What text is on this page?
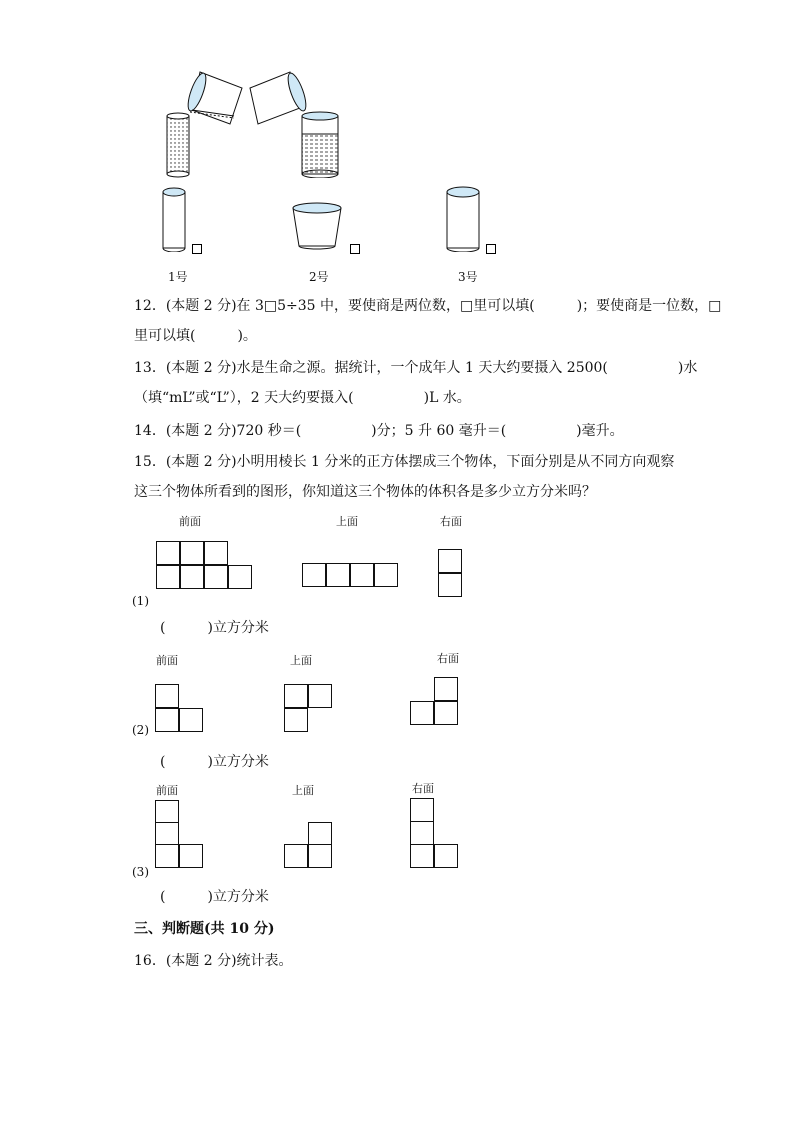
1号	2号	3号
12．(本题 2 分)在 3□5÷35 中，要使商是两位数，□里可以填(　　　)；要使商是一位数，□
里可以填(　　　)。
13．(本题 2 分)水是生命之源。据统计，一个成年人 1 天大约要摄入 2500(　　　　　)水
（填“mL”或“L”），2 天大约要摄入(　　　　　)L 水。
14．(本题 2 分)720 秒＝(　　　　　)分；5 升 60 毫升＝(　　　　　)毫升。
15．(本题 2 分)小明用棱长 1 分米的正方体摆成三个物体，下面分别是从不同方向观察
这三个物体所看到的图形，你知道这三个物体的体积各是多少立方分米吗？
前面	上面	右面
(1)
(　　　)立方分米
前面	上面	右面
(2)
(　　　)立方分米
前面	上面	右面
(3)
(　　　)立方分米
三、判断题(共 10 分)
16．(本题 2 分)统计表。
